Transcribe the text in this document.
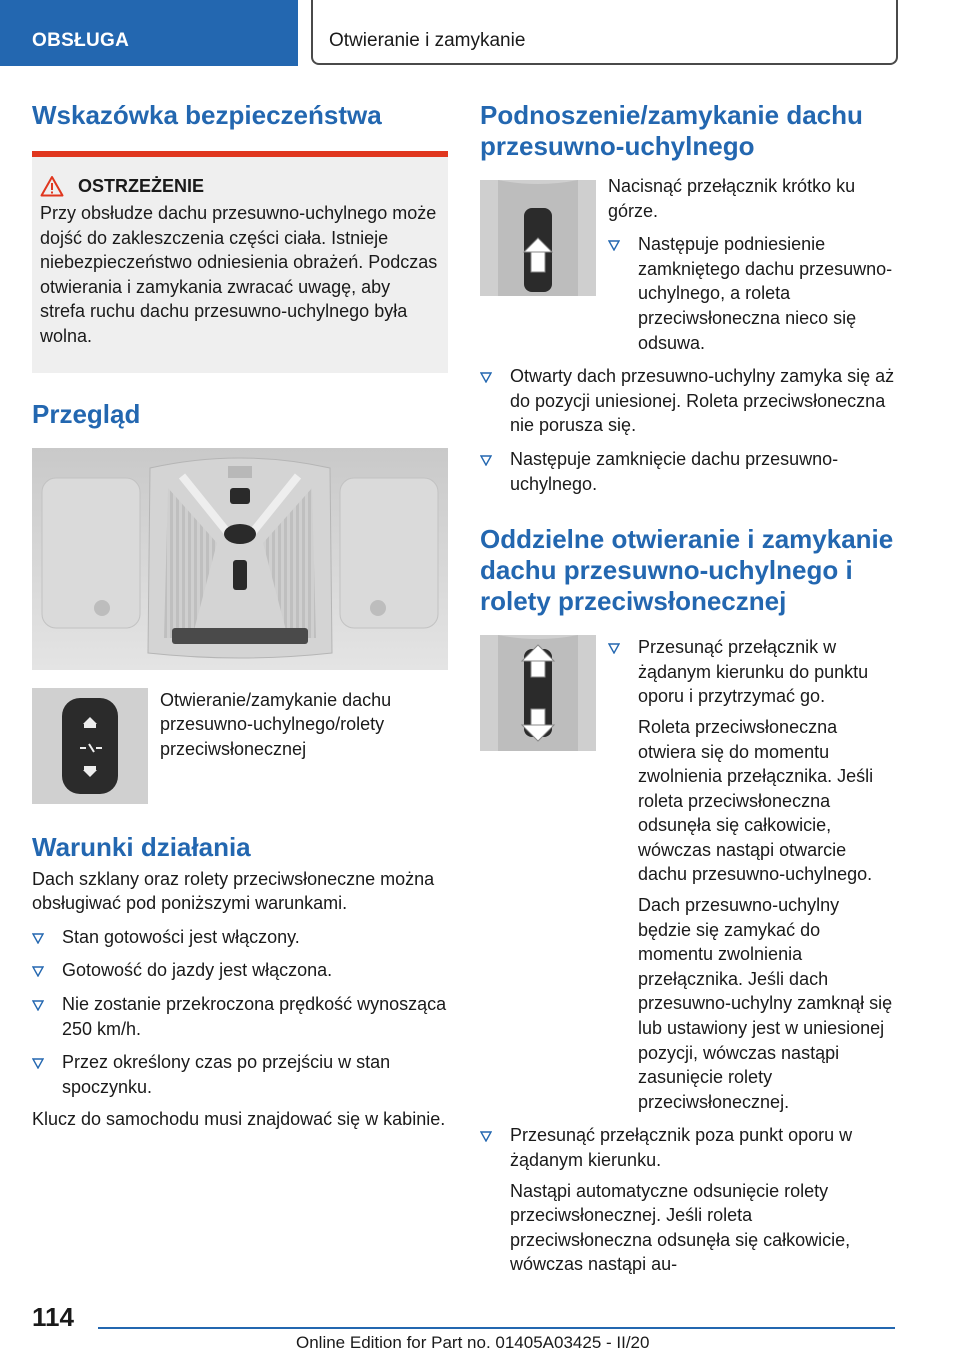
OBSŁUGA	Otwieranie i zamykanie
Wskazówka bezpieczeństwa
OSTRZEŻENIE

Przy obsłudze dachu przesuwno-uchylnego może dojść do zakleszczenia części ciała. Istnieje niebezpieczeństwo odniesienia obrażeń. Podczas otwierania i zamykania zwracać uwagę, aby strefa ruchu dachu przesuwno-uchylnego była wolna.

Przegląd

Otwieranie/zamykanie dachu przesuwno-uchylnego/rolety przeciwsłonecznej

Warunki działania

Dach szklany oraz rolety przeciwsłoneczne można obsługiwać pod poniższymi warunkami.

Stan gotowości jest włączony.
Gotowość do jazdy jest włączona.
Nie zostanie przekroczona prędkość wynosząca 250 km/h.
Przez określony czas po przejściu w stan spoczynku.

Klucz do samochodu musi znajdować się w kabinie.

Podnoszenie/zamykanie dachu przesuwno-uchylnego

Nacisnąć przełącznik krótko ku górze.

Następuje podniesienie zamkniętego dachu przesuwno-uchylnego, a roleta przeciwsłoneczna nieco się odsuwa.
Otwarty dach przesuwno-uchylny zamyka się aż do pozycji uniesionej. Roleta przeciwsłoneczna nie porusza się.
Następuje zamknięcie dachu przesuwno-uchylnego.
Oddzielne otwieranie i zamykanie dachu przesuwno-uchylnego i rolety przeciwsłonecznej
Przesunąć przełącznik w żądanym kierunku do punktu oporu i przytrzymać go.

Roleta przeciwsłoneczna otwiera się do momentu zwolnienia przełącznika. Jeśli roleta przeciwsłoneczna odsunęła się całkowicie, wówczas nastąpi otwarcie dachu przesuwno-uchylnego.

Dach przesuwno-uchylny będzie się zamykać do momentu zwolnienia przełącznika. Jeśli dach przesuwno-uchylny zamknął się lub ustawiony jest w uniesionej pozycji, wówczas nastąpi zasunięcie rolety przeciwsłonecznej.

Przesunąć przełącznik poza punkt oporu w żądanym kierunku.

Nastąpi automatyczne odsunięcie rolety przeciwsłonecznej. Jeśli roleta przeciwsłoneczna odsunęła się całkowicie, wówczas nastąpi au-

114
Online Edition for Part no. 01405A03425 - II/20
